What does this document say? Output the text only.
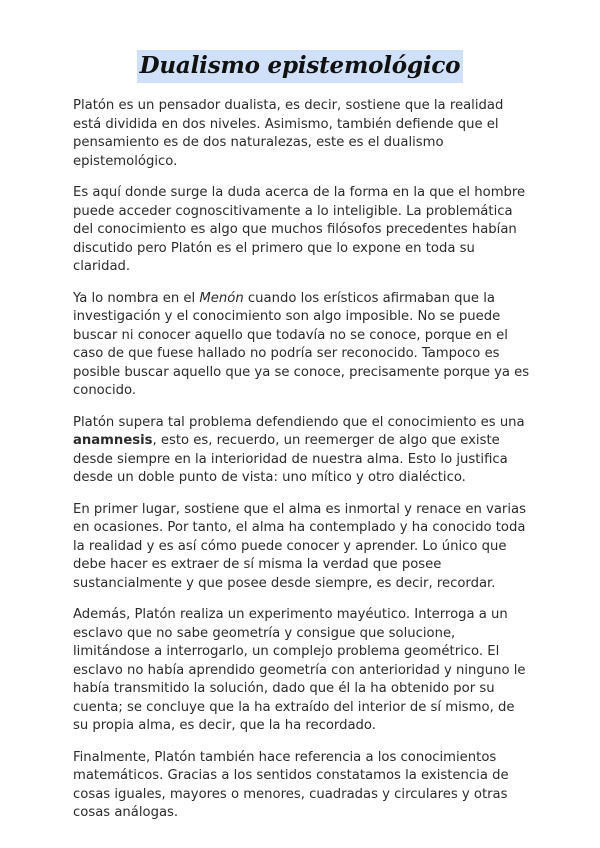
Dualismo epistemológico

Platón es un pensador dualista, es decir, sostiene que la realidad está dividida en dos niveles. Asimismo, también defiende que el pensamiento es de dos naturalezas, este es el dualismo epistemológico.

Es aquí donde surge la duda acerca de la forma en la que el hombre puede acceder cognoscitivamente a lo inteligible. La problemática del conocimiento es algo que muchos filósofos precedentes habían discutido pero Platón es el primero que lo expone en toda su claridad.

Ya lo nombra en el Menón cuando los erísticos afirmaban que la investigación y el conocimiento son algo imposible. No se puede buscar ni conocer aquello que todavía no se conoce, porque en el caso de que fuese hallado no podría ser reconocido. Tampoco es posible buscar aquello que ya se conoce, precisamente porque ya es conocido.

Platón supera tal problema defendiendo que el conocimiento es una anamnesis, esto es, recuerdo, un reemerger de algo que existe desde siempre en la interioridad de nuestra alma. Esto lo justifica desde un doble punto de vista: uno mítico y otro dialéctico.

En primer lugar, sostiene que el alma es inmortal y renace en varias en ocasiones. Por tanto, el alma ha contemplado y ha conocido toda la realidad y es así cómo puede conocer y aprender. Lo único que debe hacer es extraer de sí misma la verdad que posee sustancialmente y que posee desde siempre, es decir, recordar.

Además, Platón realiza un experimento mayéutico. Interroga a un esclavo que no sabe geometría y consigue que solucione, limitándose a interrogarlo, un complejo problema geométrico. El esclavo no había aprendido geometría con anterioridad y ninguno le había transmitido la solución, dado que él la ha obtenido por su cuenta; se concluye que la ha extraído del interior de sí mismo, de su propia alma, es decir, que la ha recordado.

Finalmente, Platón también hace referencia a los conocimientos matemáticos. Gracias a los sentidos constatamos la existencia de cosas iguales, mayores o menores, cuadradas y circulares y otras cosas análogas.
